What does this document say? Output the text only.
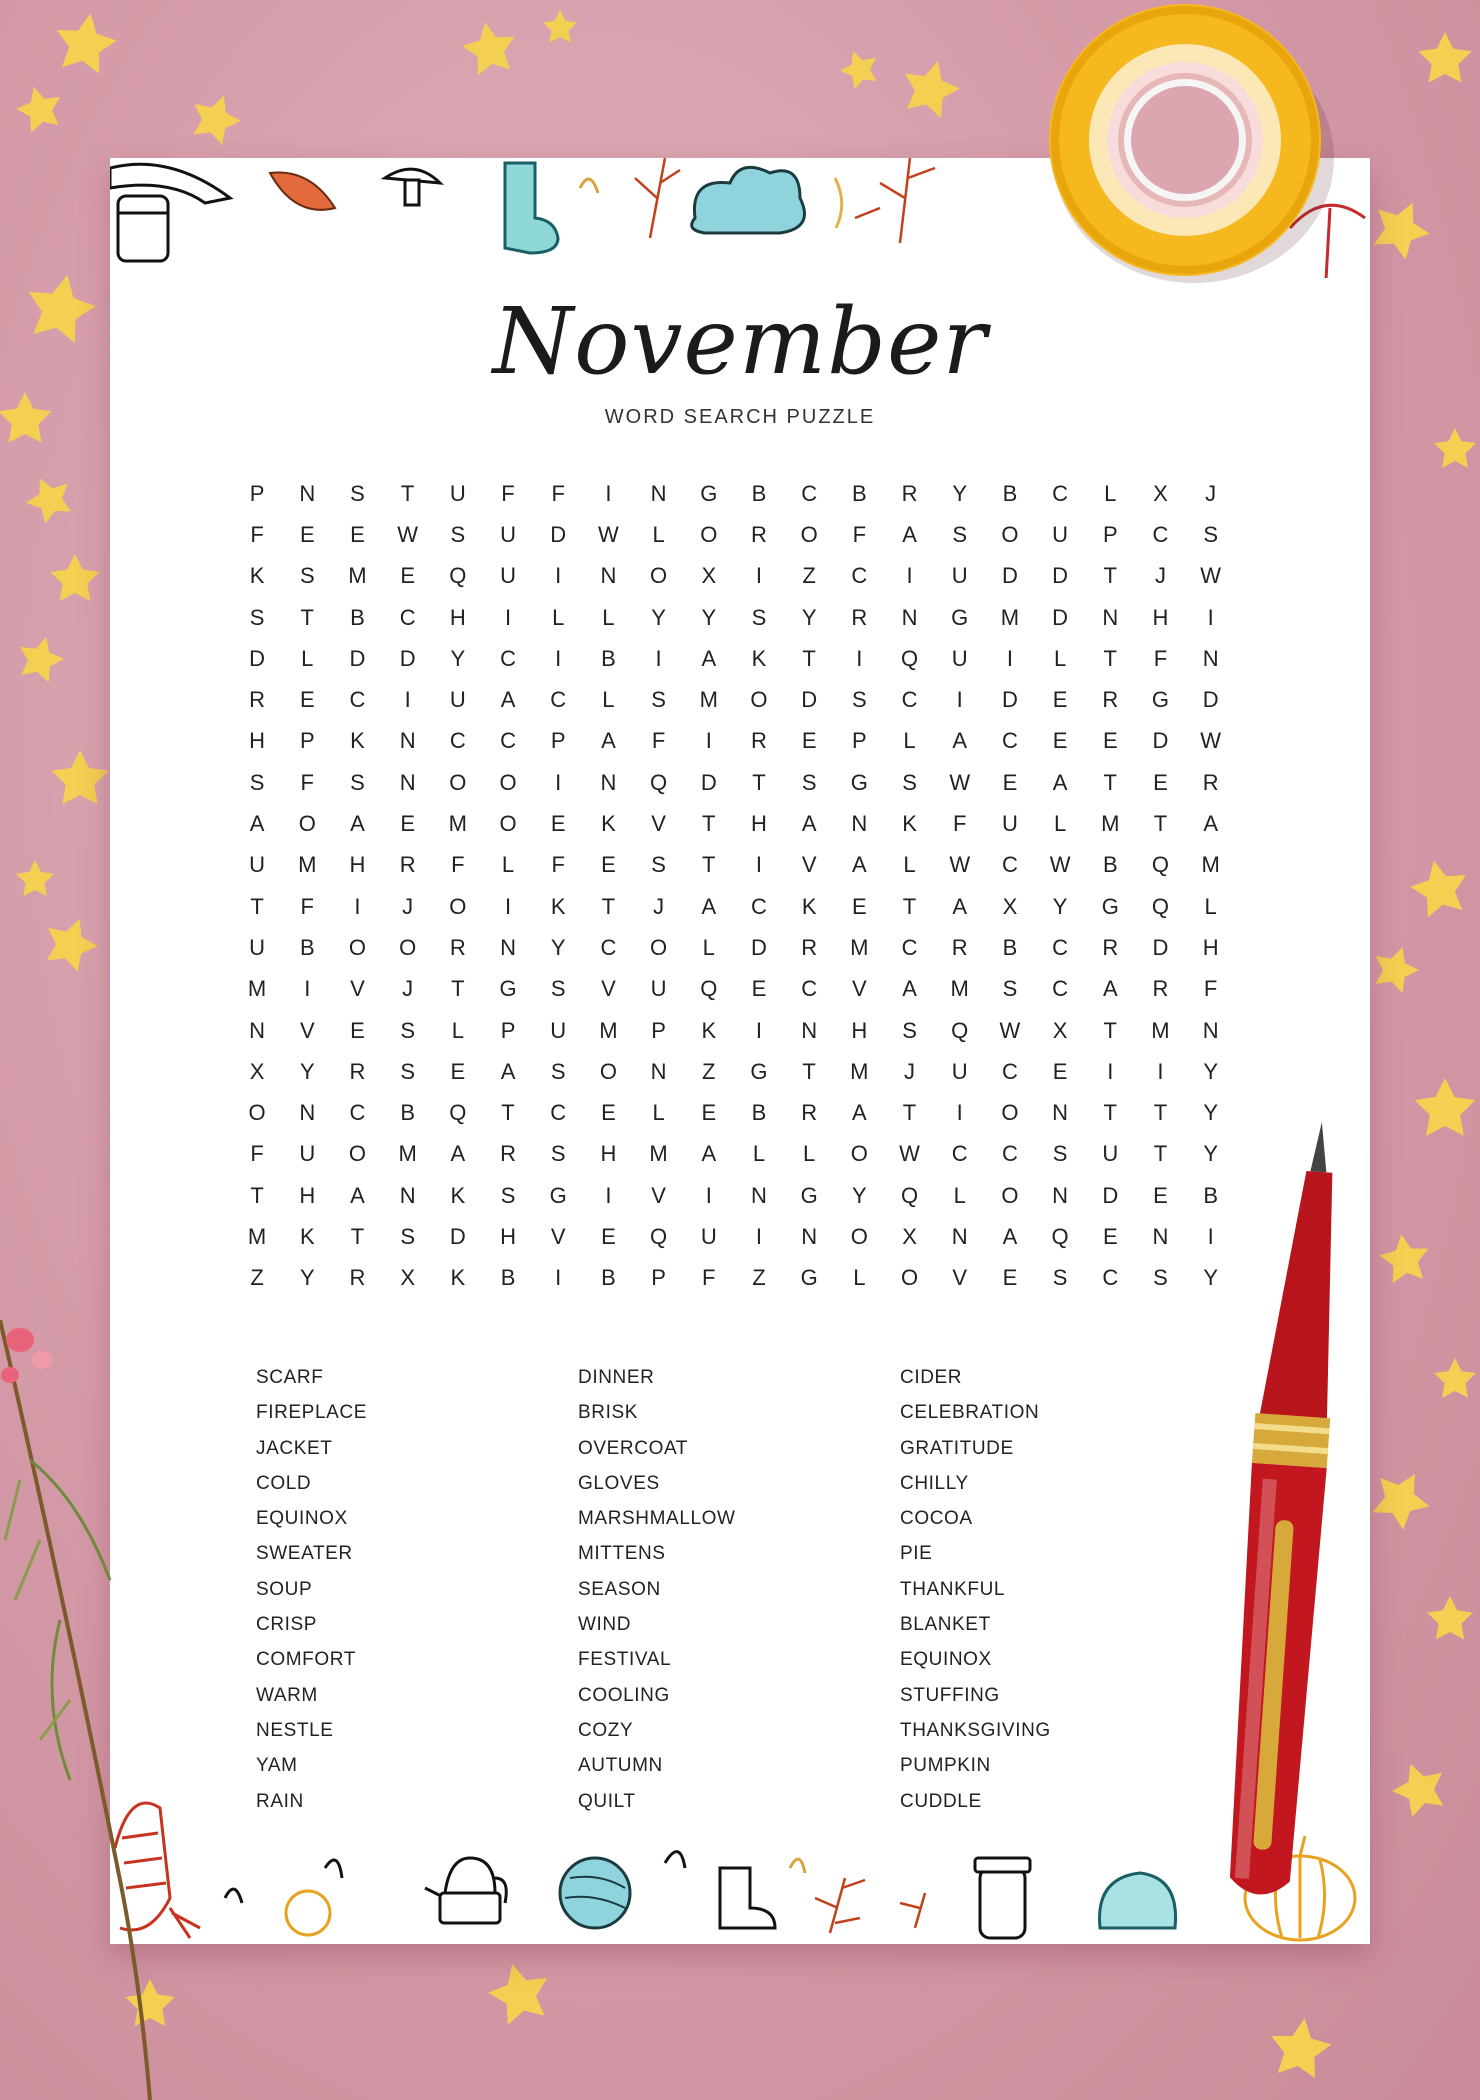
November
WORD SEARCH PUZZLE
P	N	S	T	U	F	F	I	N	G	B	C	B	R	Y	B	C	L	X	J
F	E	E	W	S	U	D	W	L	O	R	O	F	A	S	O	U	P	C	S
K	S	M	E	Q	U	I	N	O	X	I	Z	C	I	U	D	D	T	J	W
S	T	B	C	H	I	L	L	Y	Y	S	Y	R	N	G	M	D	N	H	I
D	L	D	D	Y	C	I	B	I	A	K	T	I	Q	U	I	L	T	F	N
R	E	C	I	U	A	C	L	S	M	O	D	S	C	I	D	E	R	G	D
H	P	K	N	C	C	P	A	F	I	R	E	P	L	A	C	E	E	D	W
S	F	S	N	O	O	I	N	Q	D	T	S	G	S	W	E	A	T	E	R
A	O	A	E	M	O	E	K	V	T	H	A	N	K	F	U	L	M	T	A
U	M	H	R	F	L	F	E	S	T	I	V	A	L	W	C	W	B	Q	M
T	F	I	J	O	I	K	T	J	A	C	K	E	T	A	X	Y	G	Q	L
U	B	O	O	R	N	Y	C	O	L	D	R	M	C	R	B	C	R	D	H
M	I	V	J	T	G	S	V	U	Q	E	C	V	A	M	S	C	A	R	F
N	V	E	S	L	P	U	M	P	K	I	N	H	S	Q	W	X	T	M	N
X	Y	R	S	E	A	S	O	N	Z	G	T	M	J	U	C	E	I	I	Y
O	N	C	B	Q	T	C	E	L	E	B	R	A	T	I	O	N	T	T	Y
F	U	O	M	A	R	S	H	M	A	L	L	O	W	C	C	S	U	T	Y
T	H	A	N	K	S	G	I	V	I	N	G	Y	Q	L	O	N	D	E	B
M	K	T	S	D	H	V	E	Q	U	I	N	O	X	N	A	Q	E	N	I
Z	Y	R	X	K	B	I	B	P	F	Z	G	L	O	V	E	S	C	S	Y
SCARF
FIREPLACE
JACKET
COLD
EQUINOX
SWEATER
SOUP
CRISP
COMFORT
WARM
NESTLE
YAM
RAIN
DINNER
BRISK
OVERCOAT
GLOVES
MARSHMALLOW
MITTENS
SEASON
WIND
FESTIVAL
COOLING
COZY
AUTUMN
QUILT
CIDER
CELEBRATION
GRATITUDE
CHILLY
COCOA
PIE
THANKFUL
BLANKET
EQUINOX
STUFFING
THANKSGIVING
PUMPKIN
CUDDLE
